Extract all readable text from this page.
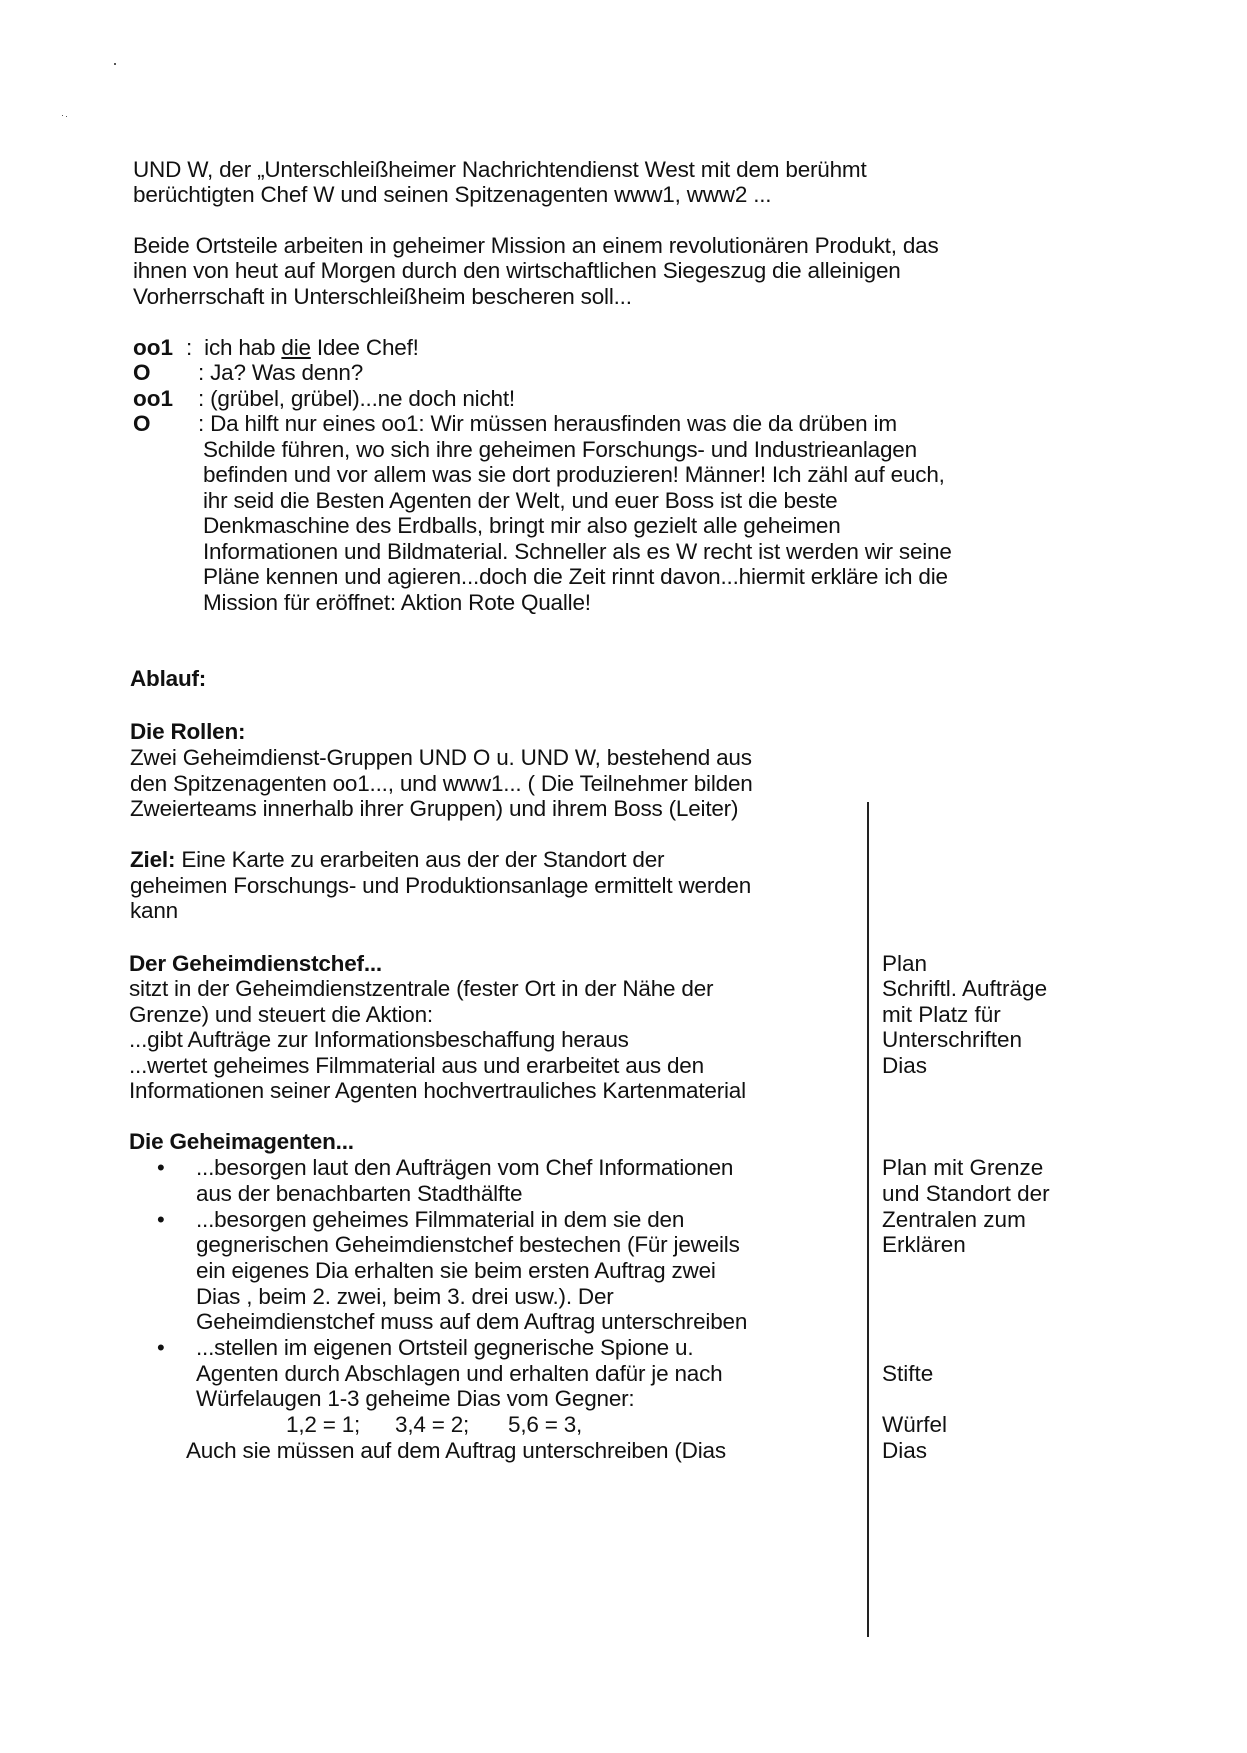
UND W, der „Unterschleißheimer Nachrichtendienst West mit dem berühmt
berüchtigten Chef W und seinen Spitzenagenten www1, www2 ...
Beide Ortsteile arbeiten in geheimer Mission an einem revolutionären Produkt, das
ihnen von heut auf Morgen durch den wirtschaftlichen Siegeszug die alleinigen
Vorherrschaft in Unterschleißheim bescheren soll...
oo1 :  ich hab die Idee Chef!
O : Ja? Was denn?
oo1 : (grübel, grübel)...ne doch nicht!
O : Da hilft nur eines oo1: Wir müssen herausfinden was die da drüben im
Schilde führen, wo sich ihre geheimen Forschungs- und Industrieanlagen
befinden und vor allem was sie dort produzieren! Männer! Ich zähl auf euch,
ihr seid die Besten Agenten der Welt, und euer Boss ist die beste
Denkmaschine des Erdballs, bringt mir also gezielt alle geheimen
Informationen und Bildmaterial. Schneller als es W recht ist werden wir seine
Pläne kennen und agieren...doch die Zeit rinnt davon...hiermit erkläre ich die
Mission für eröffnet: Aktion Rote Qualle!
Ablauf:
Die Rollen:
Zwei Geheimdienst-Gruppen UND O u. UND W, bestehend aus
den Spitzenagenten oo1..., und www1... ( Die Teilnehmer bilden
Zweierteams innerhalb ihrer Gruppen) und ihrem Boss (Leiter)
Ziel: Eine Karte zu erarbeiten aus der der Standort der
geheimen Forschungs- und Produktionsanlage ermittelt werden
kann
Der Geheimdienstchef...
sitzt in der Geheimdienstzentrale (fester Ort in der Nähe der
Grenze) und steuert die Aktion:
...gibt Aufträge zur Informationsbeschaffung heraus
...wertet geheimes Filmmaterial aus und erarbeitet aus den
Informationen seiner Agenten hochvertrauliches Kartenmaterial
Plan
Schriftl. Aufträge
mit Platz für
Unterschriften
Dias
Die Geheimagenten...
• ...besorgen laut den Aufträgen vom Chef Informationen
aus der benachbarten Stadthälfte
• ...besorgen geheimes Filmmaterial in dem sie den
gegnerischen Geheimdienstchef bestechen (Für jeweils
ein eigenes Dia erhalten sie beim ersten Auftrag zwei
Dias , beim 2. zwei, beim 3. drei usw.). Der
Geheimdienstchef muss auf dem Auftrag unterschreiben
• ...stellen im eigenen Ortsteil gegnerische Spione u.
Agenten durch Abschlagen und erhalten dafür je nach
Würfelaugen 1-3 geheime Dias vom Gegner:
1,2 = 1; 3,4 = 2; 5,6 = 3,
Auch sie müssen auf dem Auftrag unterschreiben (Dias
Plan mit Grenze
und Standort der
Zentralen zum
Erklären
Stifte
Würfel
Dias
